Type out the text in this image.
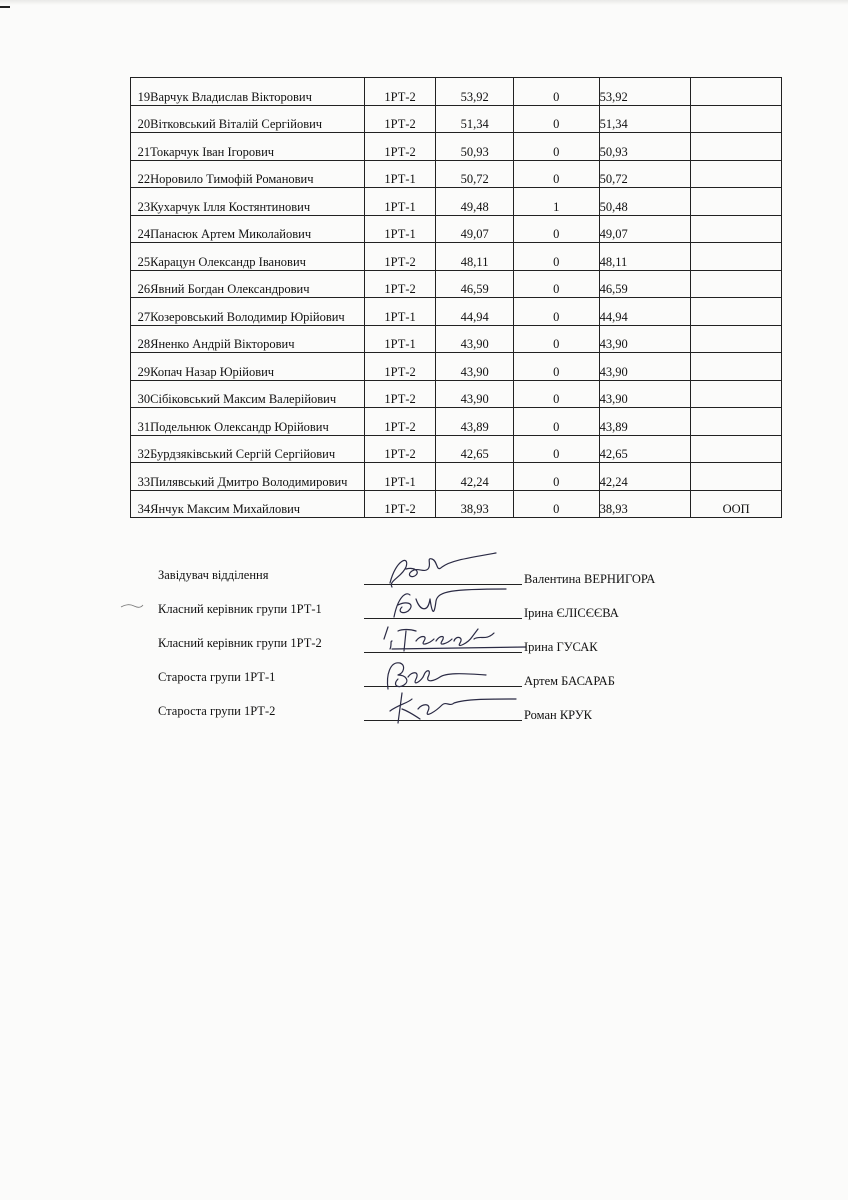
19	Варчук Владислав Вікторович	1РТ-2	53,92	0	53,92	
20	Вітковський Віталій Сергійович	1РТ-2	51,34	0	51,34	
21	Токарчук Іван Ігорович	1РТ-2	50,93	0	50,93	
22	Норовило Тимофій Романович	1РТ-1	50,72	0	50,72	
23	Кухарчук Ілля Костянтинович	1РТ-1	49,48	1	50,48	
24	Панасюк Артем Миколайович	1РТ-1	49,07	0	49,07	
25	Карацун Олександр Іванович	1РТ-2	48,11	0	48,11	
26	Явний Богдан Олександрович	1РТ-2	46,59	0	46,59	
27	Козеровський Володимир Юрійович	1РТ-1	44,94	0	44,94	
28	Яненко Андрій Вікторович	1РТ-1	43,90	0	43,90	
29	Копач Назар Юрійович	1РТ-2	43,90	0	43,90	
30	Сібіковський Максим Валерійович	1РТ-2	43,90	0	43,90	
31	Подельнюк Олександр Юрійович	1РТ-2	43,89	0	43,89	
32	Бурдзяківський Сергій Сергійович	1РТ-2	42,65	0	42,65	
33	Пилявський Дмитро Володимирович	1РТ-1	42,24	0	42,24	
34	Янчук Максим Михайлович	1РТ-2	38,93	0	38,93	ООП
Завідувач відділення	Валентина ВЕРНИГОРА
Класний керівник групи 1РТ-1	Ірина ЄЛІСЄЄВА
Класний керівник групи 1РТ-2	Ірина ГУСАК
Староста групи 1РТ-1	Артем БАСАРАБ
Староста групи 1РТ-2	Роман КРУК
